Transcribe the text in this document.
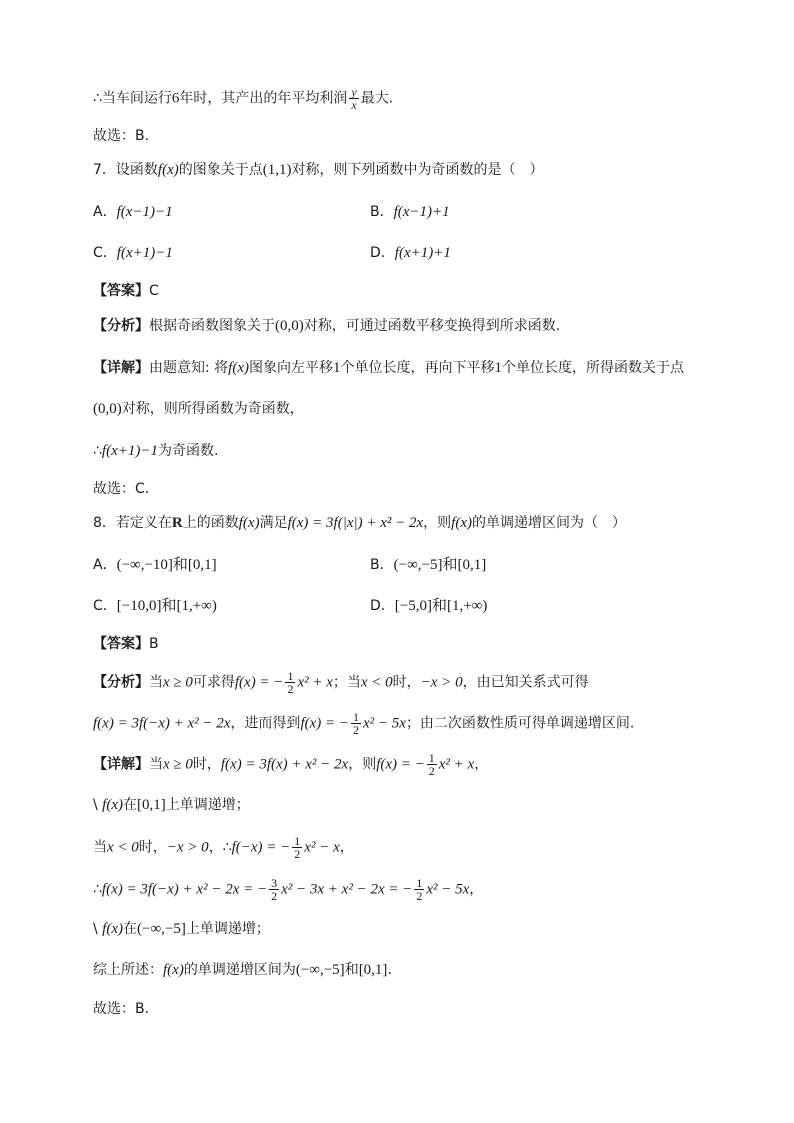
∴当车间运行6年时，其产出的年平均利润 $\frac{y}{x}$ 最大.
故选：B.
7．设函数f(x)的图象关于点(1,1)对称，则下列函数中为奇函数的是（　）
A．f(x−1)−1	B．f(x−1)+1
C．f(x+1)−1	D．f(x+1)+1
【答案】C
【分析】根据奇函数图象关于(0,0)对称，可通过函数平移变换得到所求函数.
【详解】由题意知: 将f(x)图象向左平移1个单位长度，再向下平移1个单位长度，所得函数关于点
(0,0)对称，则所得函数为奇函数，
∴f(x+1)−1为奇函数.
故选：C.
8．若定义在R上的函数f(x)满足f(x) = 3f(|x|) + x² − 2x，则f(x)的单调递增区间为（　）
A．(−∞,−10]和[0,1]	B．(−∞,−5]和[0,1]
C．[−10,0]和[1,+∞)	D．[−5,0]和[1,+∞)
【答案】B
【分析】当x ≥ 0可求得f(x) = − $\frac{1}{2} x^2 + x$；当x < 0时，−x > 0，由已知关系式可得
f(x) = 3f(−x) + x² − 2x，进而得到f(x) = − $\frac{1}{2} x^2 - 5x$；由二次函数性质可得单调递增区间.
【详解】当x ≥ 0时，f(x) = 3f(x) + x² − 2x，则f(x) = − $\frac{1}{2} x^2 + x$，
\ f(x)在[0,1]上单调递增；
当x < 0时，−x > 0，∴f(−x) = − $\frac{1}{2} x^2 - x$，
∴f(x) = 3f(−x) + x² − 2x = − $\frac{3}{2} x^2 - 3x + x^2 - 2x$ = − $\frac{1}{2} x^2 - 5x$，
\ f(x)在(−∞,−5]上单调递增；
综上所述：f(x)的单调递增区间为(−∞,−5]和[0,1].
故选：B.
